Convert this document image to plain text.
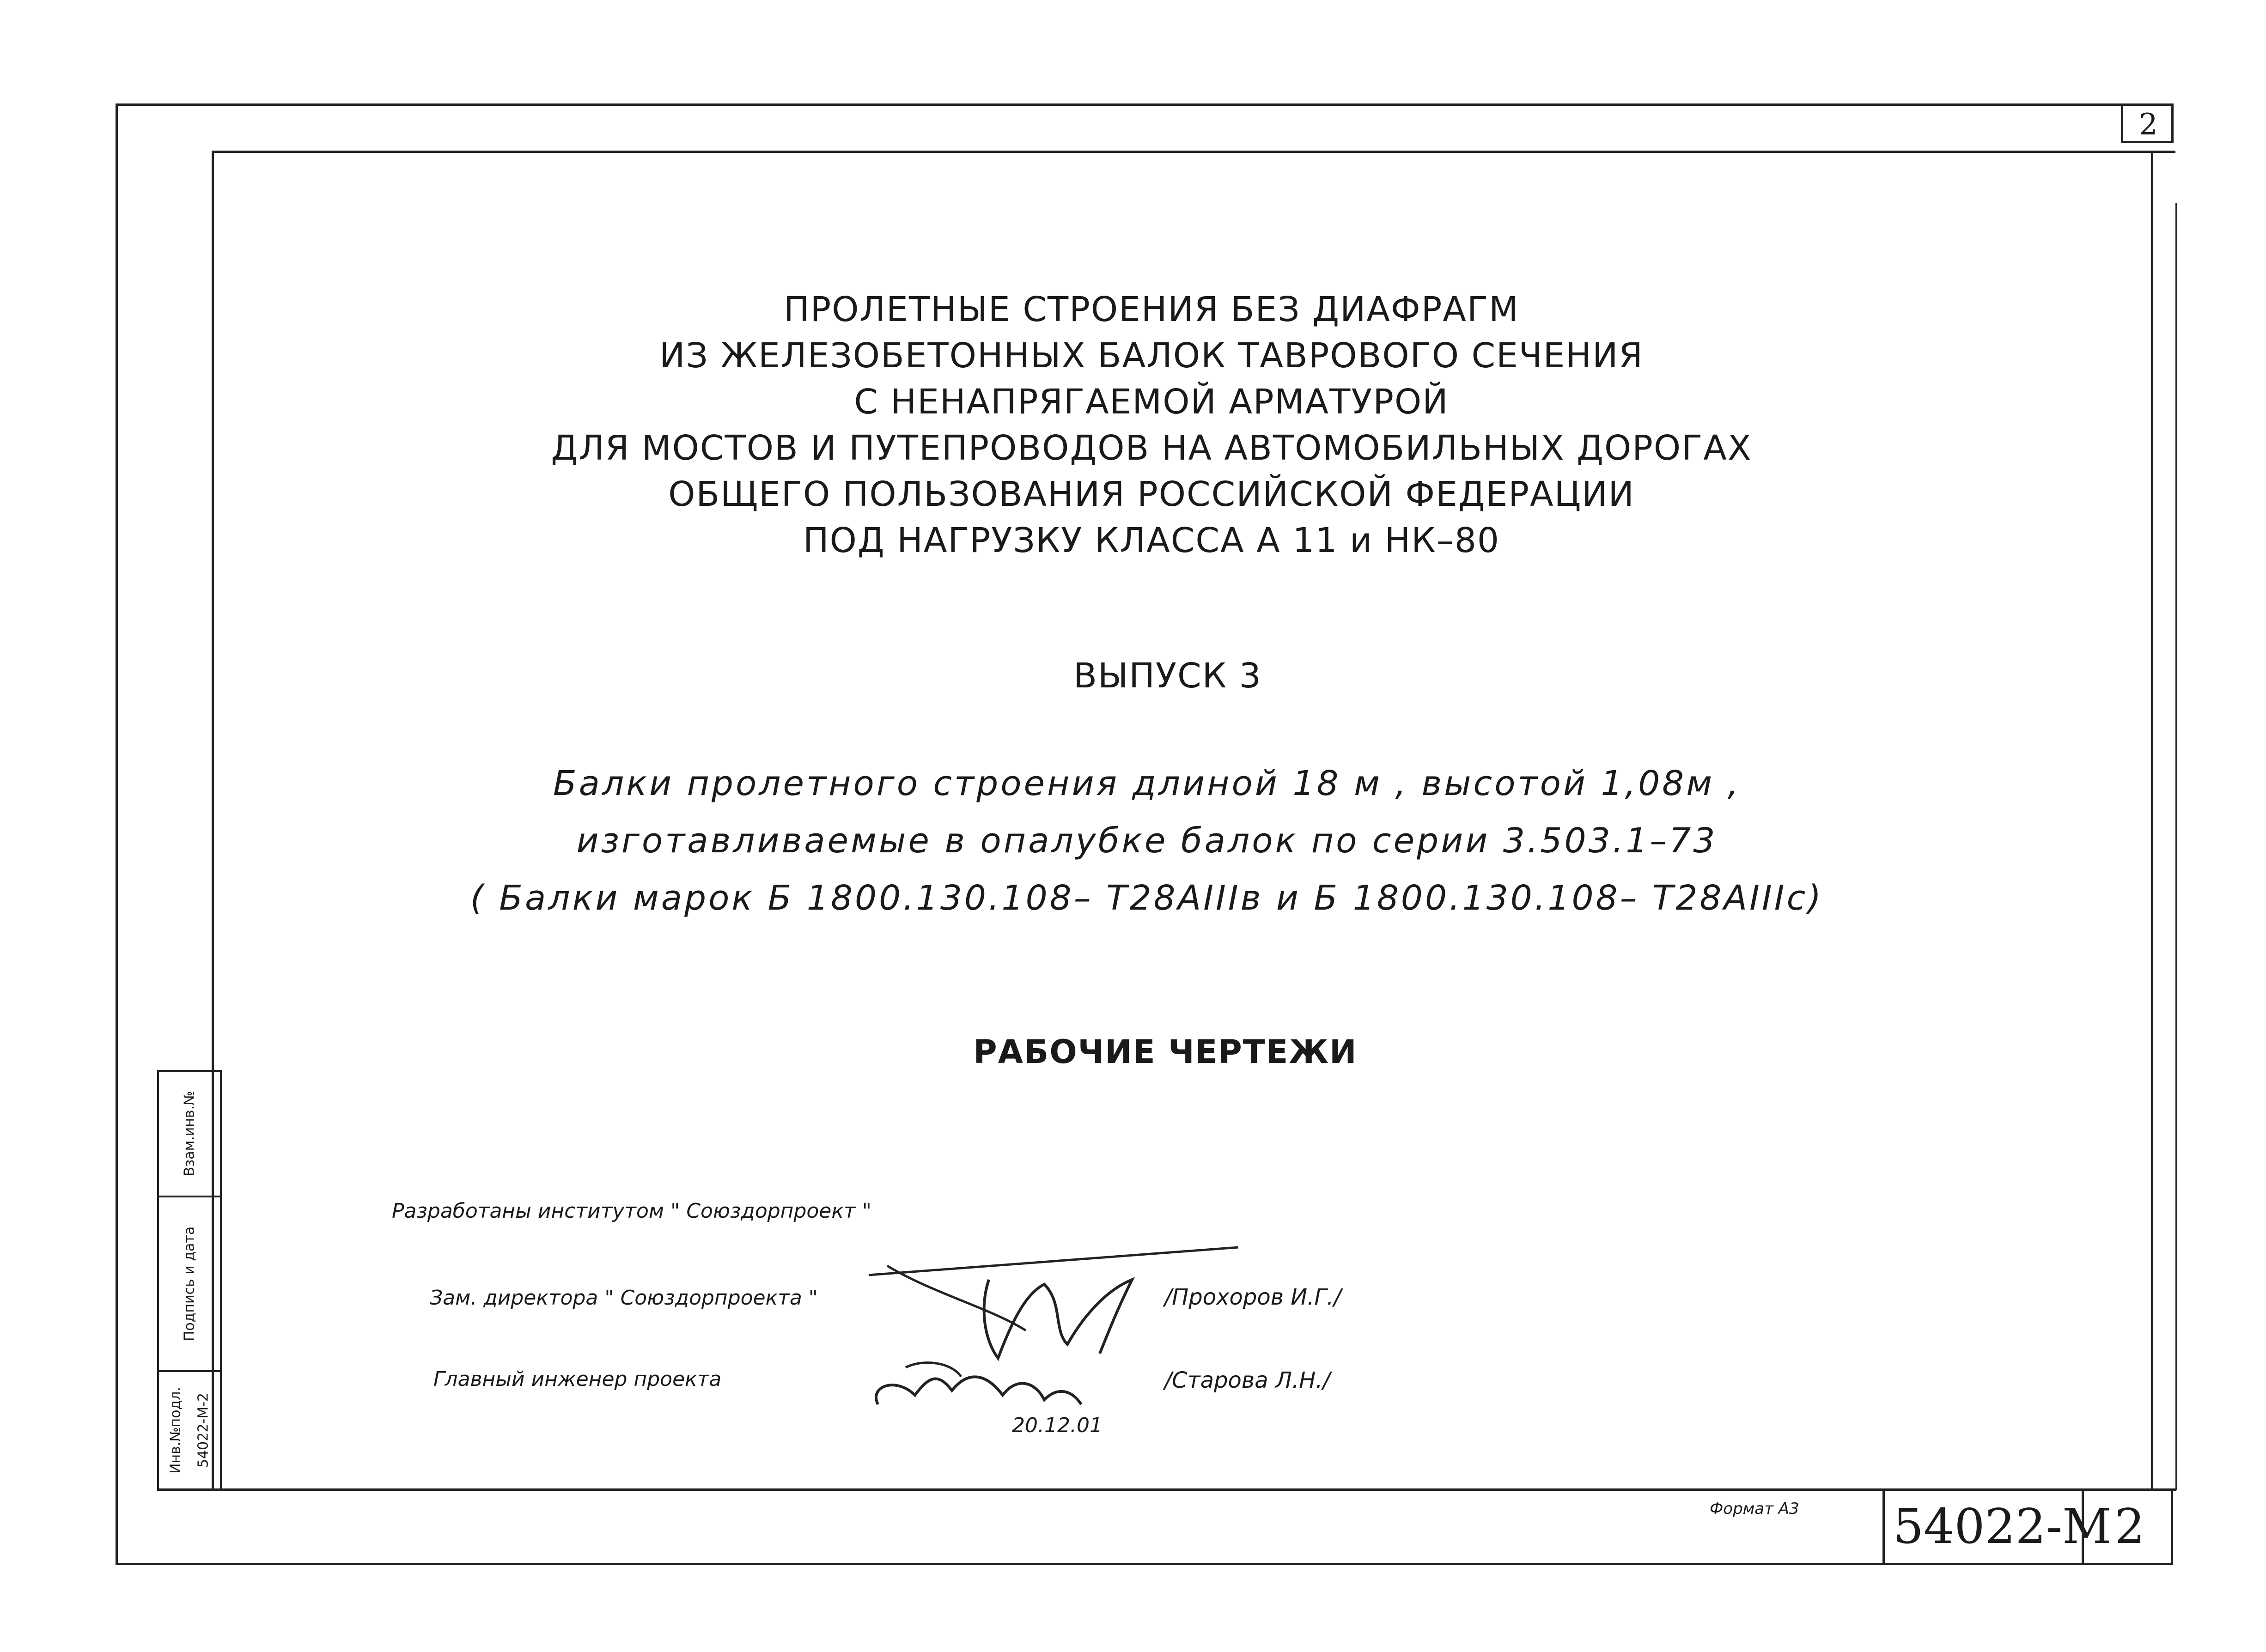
2
ПРОЛЕТНЫЕ СТРОЕНИЯ БЕЗ ДИАФРАГМ
ИЗ ЖЕЛЕЗОБЕТОННЫХ БАЛОК ТАВРОВОГО СЕЧЕНИЯ
С НЕНАПРЯГАЕМОЙ АРМАТУРОЙ
ДЛЯ МОСТОВ И ПУТЕПРОВОДОВ НА АВТОМОБИЛЬНЫХ ДОРОГАХ
ОБЩЕГО ПОЛЬЗОВАНИЯ РОССИЙСКОЙ ФЕДЕРАЦИИ
ПОД НАГРУЗКУ КЛАССА А 11 и НК–80
ВЫПУСК 3
Балки пролетного строения длиной 18 м , высотой 1,08м ,
изготавливаемые в опалубке балок по серии 3.503.1–73
( Балки марок Б 1800.130.108– Т28АIIIв и Б 1800.130.108– Т28АIIIс)
РАБОЧИЕ ЧЕРТЕЖИ
Разработаны институтом " Союздорпроект "
Зам. директора " Союздорпроекта "	/Прохоров И.Г./
Главный инженер проекта	/Старова Л.Н./
20.12.01
Взам.инв.№
Подпись и дата
Инв.№подл. 54022-М-2
Формат А3 54022-М 2
